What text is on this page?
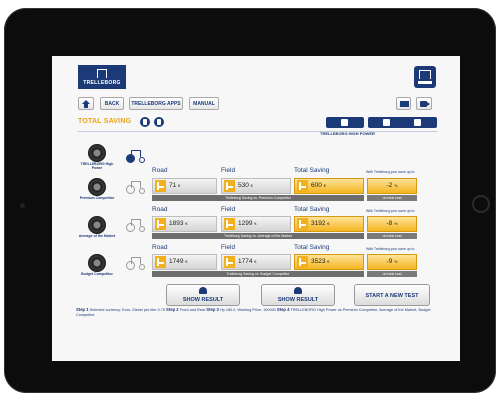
TRELLEBORG
BACK	TRELLEBORG APPS	MANUAL
TOTAL SAVING
TRELLEBORG HIGH POWER
TRELLEBORG High Power	Road	Field	Total Saving	With Trelleborg your save up to
Premium Competitor
71 €	530 €	600 €	-2 %
Trelleborg Saving vs. Premium Competitor	on total cost
Average of the Market
Road	Field	Total Saving	With Trelleborg your save up to
1893 €	1299 €	3192 €	-8 %
Trelleborg Saving vs. Average of the Market	on total cost
Budget Competitor
Road	Field	Total Saving	With Trelleborg your save up to
1749 €	1774 €	3523 €	-9 %
Trelleborg Saving vs. Budget Competitor	on total cost
SHOW RESULT	SHOW RESULT
START A NEW TEST
Step 1 Selected currency: Euro, Diesel per litre 0.75 Step 2 Front and Rear Step 3 Hp 180.0, Working Price: 100000 Step 4 TRELLEBORG High Power vs Premium Competitor, Average of the Market, Budget Competitor
